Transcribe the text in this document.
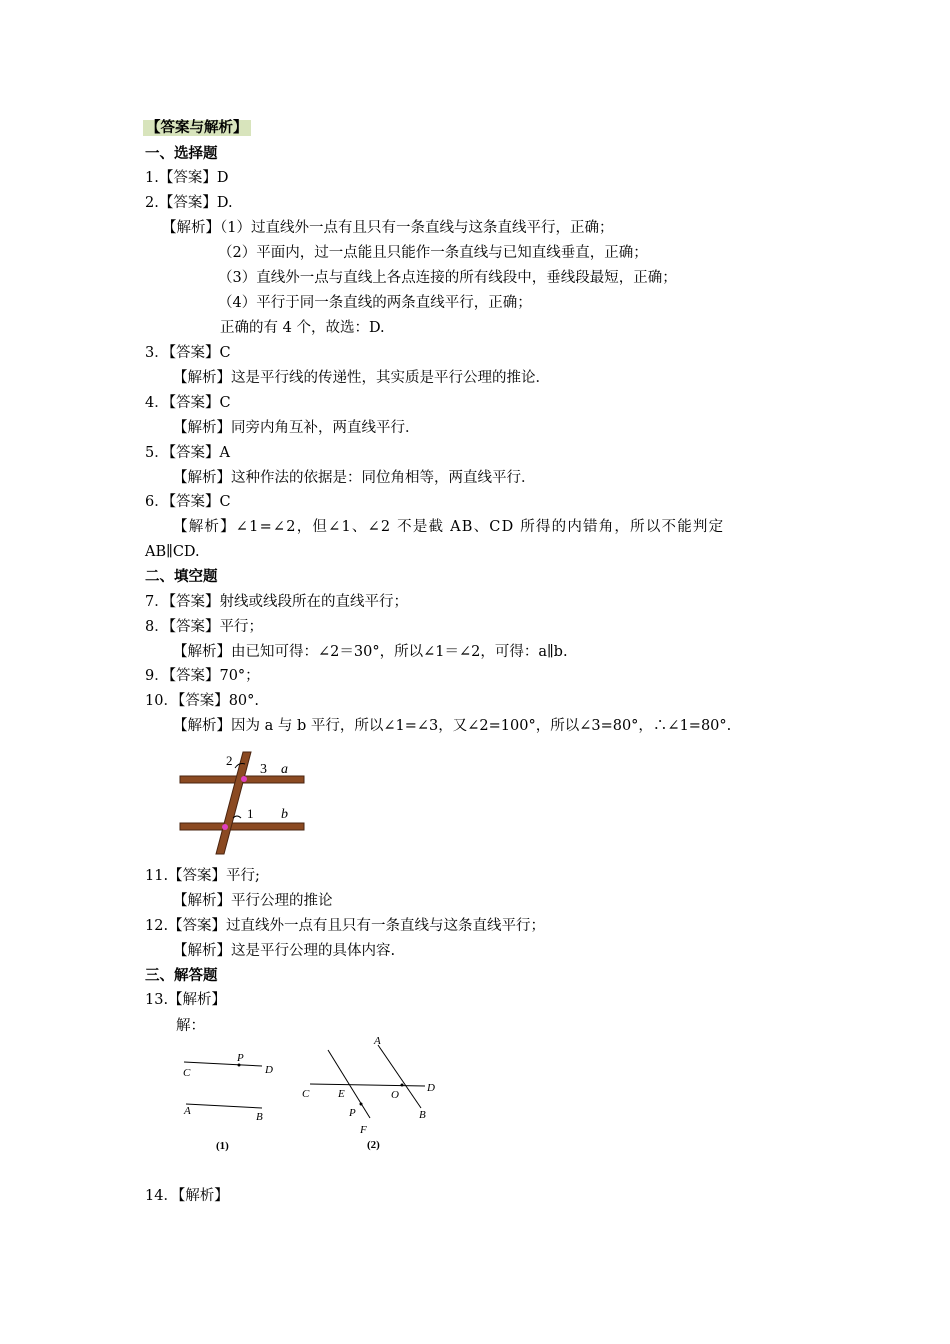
【答案与解析】
一、选择题
1.【答案】D
2.【答案】D.
【解析】（1）过直线外一点有且只有一条直线与这条直线平行，正确；
（2）平面内，过一点能且只能作一条直线与已知直线垂直，正确；
（3）直线外一点与直线上各点连接的所有线段中，垂线段最短，正确；
（4）平行于同一条直线的两条直线平行，正确；
正确的有 4 个，故选：D.
3．【答案】C
【解析】这是平行线的传递性，其实质是平行公理的推论．
4．【答案】C
【解析】同旁内角互补，两直线平行．
5．【答案】A
【解析】这种作法的依据是：同位角相等，两直线平行．
6．【答案】C
【解析】∠1=∠2，但∠1、∠2 不是截 AB、CD 所得的内错角，所以不能判定
AB∥CD.
二、填空题
7．【答案】射线或线段所在的直线平行；
8．【答案】平行；
【解析】由已知可得：∠2＝30°，所以∠1＝∠2，可得：a∥b.
9．【答案】70°；
10．【答案】80°.
【解析】因为 a 与 b 平行，所以∠1=∠3，又∠2=100°，所以∠3=80°，∴∠1=80°.
2
3 a
1 b
11.【答案】平行;
【解析】平行公理的推论
12.【答案】过直线外一点有且只有一条直线与这条直线平行；
【解析】这是平行公理的具体内容.
三、解答题
13.【解析】
解：
P
C	D
A	B
(1)
A
C	E	O
D
P	B
F
(2)
14．【解析】
